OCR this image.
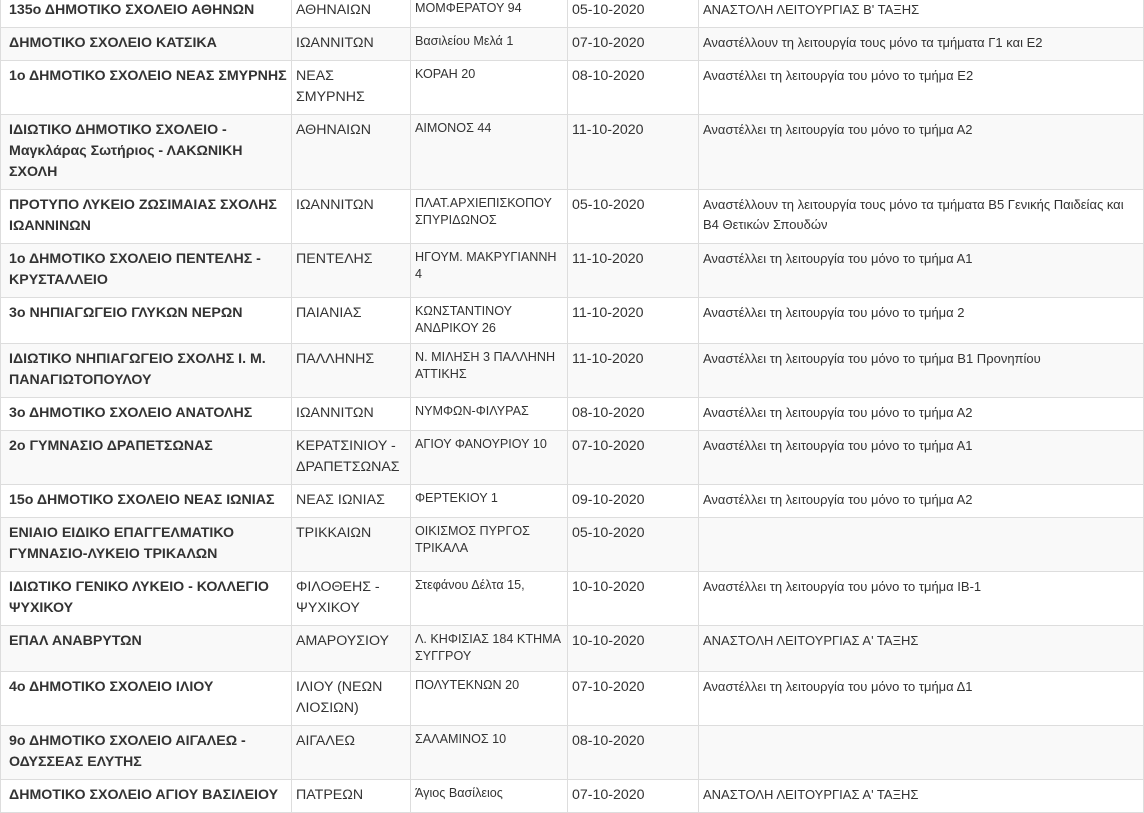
135ο ΔΗΜΟΤΙΚΟ ΣΧΟΛΕΙΟ ΑΘΗΝΩΝ	ΑΘΗΝΑΙΩΝ	ΜΟΜΦΕΡΑΤΟΥ 94	05-10-2020	ΑΝΑΣΤΟΛΗ ΛΕΙΤΟΥΡΓΙΑΣ Β' ΤΑΞΗΣ
ΔΗΜΟΤΙΚΟ ΣΧΟΛΕΙΟ ΚΑΤΣΙΚΑ	ΙΩΑΝΝΙΤΩΝ	Βασιλείου Μελά 1	07-10-2020	Αναστέλλουν τη λειτουργία τους μόνο τα τμήματα Γ1 και Ε2
1ο ΔΗΜΟΤΙΚΟ ΣΧΟΛΕΙΟ ΝΕΑΣ ΣΜΥΡΝΗΣ	ΝΕΑΣ ΣΜΥΡΝΗΣ	ΚΟΡΑΗ 20	08-10-2020	Αναστέλλει τη λειτουργία του μόνο το τμήμα Ε2
ΙΔΙΩΤΙΚΟ ΔΗΜΟΤΙΚΟ ΣΧΟΛΕΙΟ - Μαγκλάρας Σωτήριος - ΛΑΚΩΝΙΚΗ ΣΧΟΛΗ	ΑΘΗΝΑΙΩΝ	ΑΙΜΟΝΟΣ 44	11-10-2020	Αναστέλλει τη λειτουργία του μόνο το τμήμα Α2
ΠΡΟΤΥΠΟ ΛΥΚΕΙΟ ΖΩΣΙΜΑΙΑΣ ΣΧΟΛΗΣ ΙΩΑΝΝΙΝΩΝ	ΙΩΑΝΝΙΤΩΝ	ΠΛΑΤ.ΑΡΧΙΕΠΙΣΚΟΠΟΥ ΣΠΥΡΙΔΩΝΟΣ	05-10-2020	Αναστέλλουν τη λειτουργία τους μόνο τα τμήματα Β5 Γενικής Παιδείας και Β4 Θετικών Σπουδών
1ο ΔΗΜΟΤΙΚΟ ΣΧΟΛΕΙΟ ΠΕΝΤΕΛΗΣ - ΚΡΥΣΤΑΛΛΕΙΟ	ΠΕΝΤΕΛΗΣ	ΗΓΟΥΜ. ΜΑΚΡΥΓΙΑΝΝΗ 4	11-10-2020	Αναστέλλει τη λειτουργία του μόνο το τμήμα Α1
3ο ΝΗΠΙΑΓΩΓΕΙΟ ΓΛΥΚΩΝ ΝΕΡΩΝ	ΠΑΙΑΝΙΑΣ	ΚΩΝΣΤΑΝΤΙΝΟΥ ΑΝΔΡΙΚΟΥ 26	11-10-2020	Αναστέλλει τη λειτουργία του μόνο το τμήμα 2
ΙΔΙΩΤΙΚΟ ΝΗΠΙΑΓΩΓΕΙΟ ΣΧΟΛΗΣ Ι. Μ. ΠΑΝΑΓΙΩΤΟΠΟΥΛΟΥ	ΠΑΛΛΗΝΗΣ	Ν. ΜΙΛΗΣΗ 3 ΠΑΛΛΗΝΗ ΑΤΤΙΚΗΣ	11-10-2020	Αναστέλλει τη λειτουργία του μόνο το τμήμα Β1 Προνηπίου
3ο ΔΗΜΟΤΙΚΟ ΣΧΟΛΕΙΟ ΑΝΑΤΟΛΗΣ	ΙΩΑΝΝΙΤΩΝ	ΝΥΜΦΩΝ-ΦΙΛΥΡΑΣ	08-10-2020	Αναστέλλει τη λειτουργία του μόνο το τμήμα Α2
2ο ΓΥΜΝΑΣΙΟ ΔΡΑΠΕΤΣΩΝΑΣ	ΚΕΡΑΤΣΙΝΙΟΥ - ΔΡΑΠΕΤΣΩΝΑΣ	ΑΓΙΟΥ ΦΑΝΟΥΡΙΟΥ 10	07-10-2020	Αναστέλλει τη λειτουργία του μόνο το τμήμα Α1
15ο ΔΗΜΟΤΙΚΟ ΣΧΟΛΕΙΟ ΝΕΑΣ ΙΩΝΙΑΣ	ΝΕΑΣ ΙΩΝΙΑΣ	ΦΕΡΤΕΚΙΟΥ 1	09-10-2020	Αναστέλλει τη λειτουργία του μόνο το τμήμα Α2
ΕΝΙΑΙΟ ΕΙΔΙΚΟ ΕΠΑΓΓΕΛΜΑΤΙΚΟ ΓΥΜΝΑΣΙΟ-ΛΥΚΕΙΟ ΤΡΙΚΑΛΩΝ	ΤΡΙΚΚΑΙΩΝ	ΟΙΚΙΣΜΟΣ ΠΥΡΓΟΣ ΤΡΙΚΑΛΑ	05-10-2020	
ΙΔΙΩΤΙΚΟ ΓΕΝΙΚΟ ΛΥΚΕΙΟ - ΚΟΛΛΕΓΙΟ ΨΥΧΙΚΟΥ	ΦΙΛΟΘΕΗΣ - ΨΥΧΙΚΟΥ	Στεφάνου Δέλτα 15,	10-10-2020	Αναστέλλει τη λειτουργία του μόνο το τμήμα ΙΒ-1
ΕΠΑΛ ΑΝΑΒΡΥΤΩΝ	ΑΜΑΡΟΥΣΙΟΥ	Λ. ΚΗΦΙΣΙΑΣ 184 ΚΤΗΜΑ ΣΥΓΓΡΟΥ	10-10-2020	ΑΝΑΣΤΟΛΗ ΛΕΙΤΟΥΡΓΙΑΣ Α' ΤΑΞΗΣ
4ο ΔΗΜΟΤΙΚΟ ΣΧΟΛΕΙΟ ΙΛΙΟΥ	ΙΛΙΟΥ (ΝΕΩΝ ΛΙΟΣΙΩΝ)	ΠΟΛΥΤΕΚΝΩΝ 20	07-10-2020	Αναστέλλει τη λειτουργία του μόνο το τμήμα Δ1
9ο ΔΗΜΟΤΙΚΟ ΣΧΟΛΕΙΟ ΑΙΓΑΛΕΩ - ΟΔΥΣΣΕΑΣ ΕΛΥΤΗΣ	ΑΙΓΑΛΕΩ	ΣΑΛΑΜΙΝΟΣ 10	08-10-2020	
ΔΗΜΟΤΙΚΟ ΣΧΟΛΕΙΟ ΑΓΙΟΥ ΒΑΣΙΛΕΙΟΥ	ΠΑΤΡΕΩΝ	Άγιος Βασίλειος	07-10-2020	ΑΝΑΣΤΟΛΗ ΛΕΙΤΟΥΡΓΙΑΣ Α' ΤΑΞΗΣ
